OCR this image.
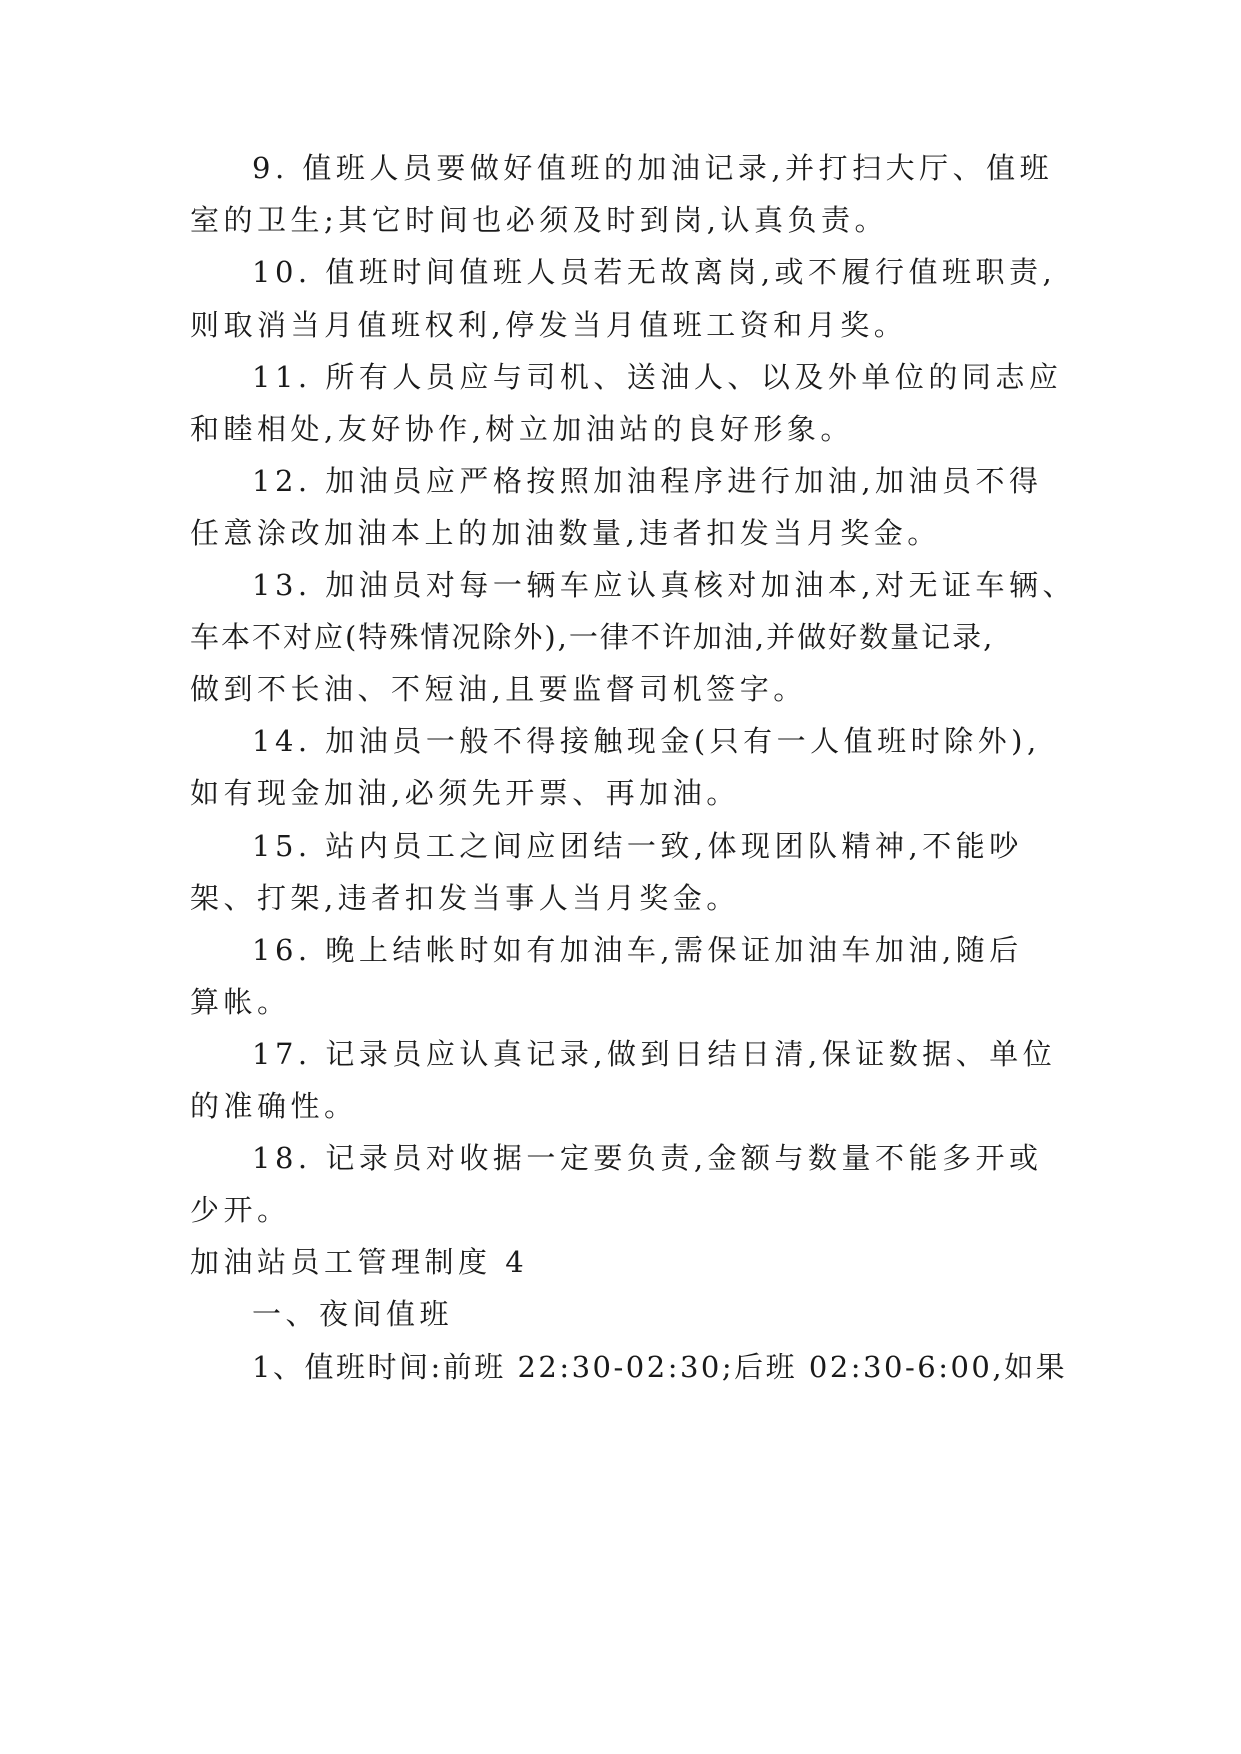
9. 值班人员要做好值班的加油记录,并打扫大厅、值班
室的卫生;其它时间也必须及时到岗,认真负责。
10. 值班时间值班人员若无故离岗,或不履行值班职责,
则取消当月值班权利,停发当月值班工资和月奖。
11. 所有人员应与司机、送油人、以及外单位的同志应
和睦相处,友好协作,树立加油站的良好形象。
12. 加油员应严格按照加油程序进行加油,加油员不得
任意涂改加油本上的加油数量,违者扣发当月奖金。
13. 加油员对每一辆车应认真核对加油本,对无证车辆、
车本不对应(特殊情况除外),一律不许加油,并做好数量记录,
做到不长油、不短油,且要监督司机签字。
14. 加油员一般不得接触现金(只有一人值班时除外),
如有现金加油,必须先开票、再加油。
15. 站内员工之间应团结一致,体现团队精神,不能吵
架、打架,违者扣发当事人当月奖金。
16. 晚上结帐时如有加油车,需保证加油车加油,随后
算帐。
17. 记录员应认真记录,做到日结日清,保证数据、单位
的准确性。
18. 记录员对收据一定要负责,金额与数量不能多开或
少开。
加油站员工管理制度 4
一、夜间值班
1、值班时间:前班 22:30-02:30;后班 02:30-6:00,如果
